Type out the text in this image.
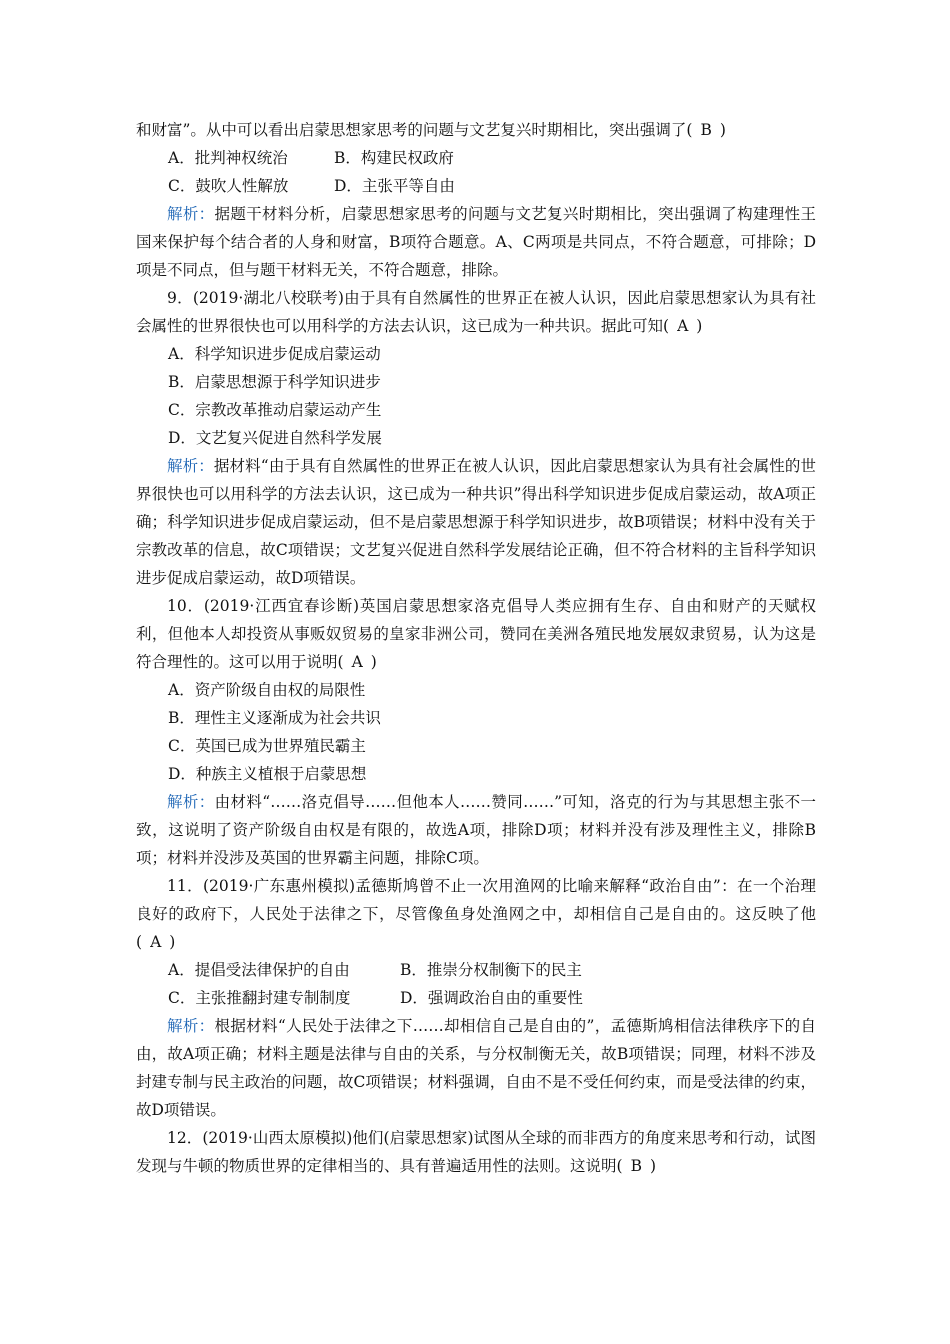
和财富”。从中可以看出启蒙思想家思考的问题与文艺复兴时期相比，突出强调了( B )

A．批判神权统治	B．构建民权政府

C．鼓吹人性解放	D．主张平等自由

解析：据题干材料分析，启蒙思想家思考的问题与文艺复兴时期相比，突出强调了构建理性王国来保护每个结合者的人身和财富，B项符合题意。A、C两项是共同点，不符合题意，可排除；D项是不同点，但与题干材料无关，不符合题意，排除。

9．(2019·湖北八校联考)由于具有自然属性的世界正在被人认识，因此启蒙思想家认为具有社会属性的世界很快也可以用科学的方法去认识，这已成为一种共识。据此可知( A )

A．科学知识进步促成启蒙运动

B．启蒙思想源于科学知识进步

C．宗教改革推动启蒙运动产生

D．文艺复兴促进自然科学发展

解析：据材料“由于具有自然属性的世界正在被人认识，因此启蒙思想家认为具有社会属性的世界很快也可以用科学的方法去认识，这已成为一种共识”得出科学知识进步促成启蒙运动，故A项正确；科学知识进步促成启蒙运动，但不是启蒙思想源于科学知识进步，故B项错误；材料中没有关于宗教改革的信息，故C项错误；文艺复兴促进自然科学发展结论正确，但不符合材料的主旨科学知识进步促成启蒙运动，故D项错误。

10．(2019·江西宜春诊断)英国启蒙思想家洛克倡导人类应拥有生存、自由和财产的天赋权利，但他本人却投资从事贩奴贸易的皇家非洲公司，赞同在美洲各殖民地发展奴隶贸易，认为这是符合理性的。这可以用于说明( A )

A．资产阶级自由权的局限性

B．理性主义逐渐成为社会共识

C．英国已成为世界殖民霸主

D．种族主义植根于启蒙思想

解析：由材料“……洛克倡导……但他本人……赞同……”可知，洛克的行为与其思想主张不一致，这说明了资产阶级自由权是有限的，故选A项，排除D项；材料并没有涉及理性主义，排除B项；材料并没涉及英国的世界霸主问题，排除C项。

11．(2019·广东惠州模拟)孟德斯鸠曾不止一次用渔网的比喻来解释“政治自由”：在一个治理良好的政府下，人民处于法律之下，尽管像鱼身处渔网之中，却相信自己是自由的。这反映了他( A )

A．提倡受法律保护的自由	B．推崇分权制衡下的民主

C．主张推翻封建专制制度	D．强调政治自由的重要性

解析：根据材料“人民处于法律之下……却相信自己是自由的”，孟德斯鸠相信法律秩序下的自由，故A项正确；材料主题是法律与自由的关系，与分权制衡无关，故B项错误；同理，材料不涉及封建专制与民主政治的问题，故C项错误；材料强调，自由不是不受任何约束，而是受法律的约束，故D项错误。

12．(2019·山西太原模拟)他们(启蒙思想家)试图从全球的而非西方的角度来思考和行动，试图发现与牛顿的物质世界的定律相当的、具有普遍适用性的法则。这说明( B )
